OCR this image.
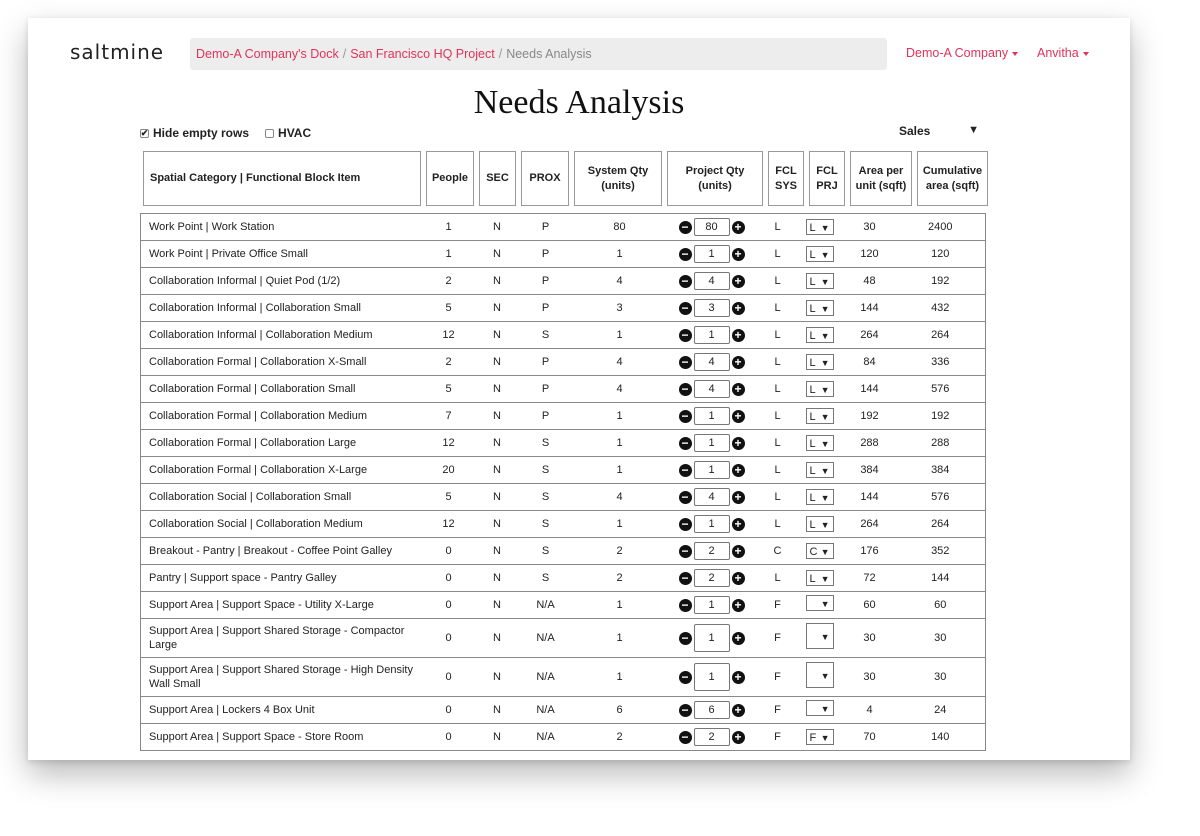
saltmine	Demo-A Company's Dock / San Francisco HQ Project / Needs Analysis	Demo-A Company	Anvitha
Needs Analysis
✔ Hide empty rows HVAC	Sales	▼
Spatial Category | Functional Block Item	People	SEC	PROX	System Qty
(units)	Project Qty
(units)	FCL
SYS	FCL
PRJ	Area per
unit (sqft)	Cumulative
area (sqft)
Work Point | Work Station	1	N	P	80	− 80 +	L	L ▼	30	2400
Work Point | Private Office Small	1	N	P	1	− 1 +	L	L ▼	120	120
Collaboration Informal | Quiet Pod (1/2)	2	N	P	4	− 4 +	L	L ▼	48	192
Collaboration Informal | Collaboration Small	5	N	P	3	− 3 +	L	L ▼	144	432
Collaboration Informal | Collaboration Medium	12	N	S	1	− 1 +	L	L ▼	264	264
Collaboration Formal | Collaboration X-Small	2	N	P	4	− 4 +	L	L ▼	84	336
Collaboration Formal | Collaboration Small	5	N	P	4	− 4 +	L	L ▼	144	576
Collaboration Formal | Collaboration Medium	7	N	P	1	− 1 +	L	L ▼	192	192
Collaboration Formal | Collaboration Large	12	N	S	1	− 1 +	L	L ▼	288	288
Collaboration Formal | Collaboration X-Large	20	N	S	1	− 1 +	L	L ▼	384	384
Collaboration Social | Collaboration Small	5	N	S	4	− 4 +	L	L ▼	144	576
Collaboration Social | Collaboration Medium	12	N	S	1	− 1 +	L	L ▼	264	264
Breakout - Pantry | Breakout - Coffee Point Galley	0	N	S	2	− 2 +	C	C ▼	176	352
Pantry | Support space - Pantry Galley	0	N	S	2	− 2 +	L	L ▼	72	144
Support Area | Support Space - Utility X-Large	0	N	N/A	1	− 1 +	F	▼	60	60
Support Area | Support Shared Storage - Compactor Large	0	N	N/A	1	− 1 +	F	▼	30	30
Support Area | Support Shared Storage - High Density Wall Small	0	N	N/A	1	− 1 +	F	▼	30	30
Support Area | Lockers 4 Box Unit	0	N	N/A	6	− 6 +	F	▼	4	24
Support Area | Support Space - Store Room	0	N	N/A	2	− 2 +	F	F ▼	70	140
